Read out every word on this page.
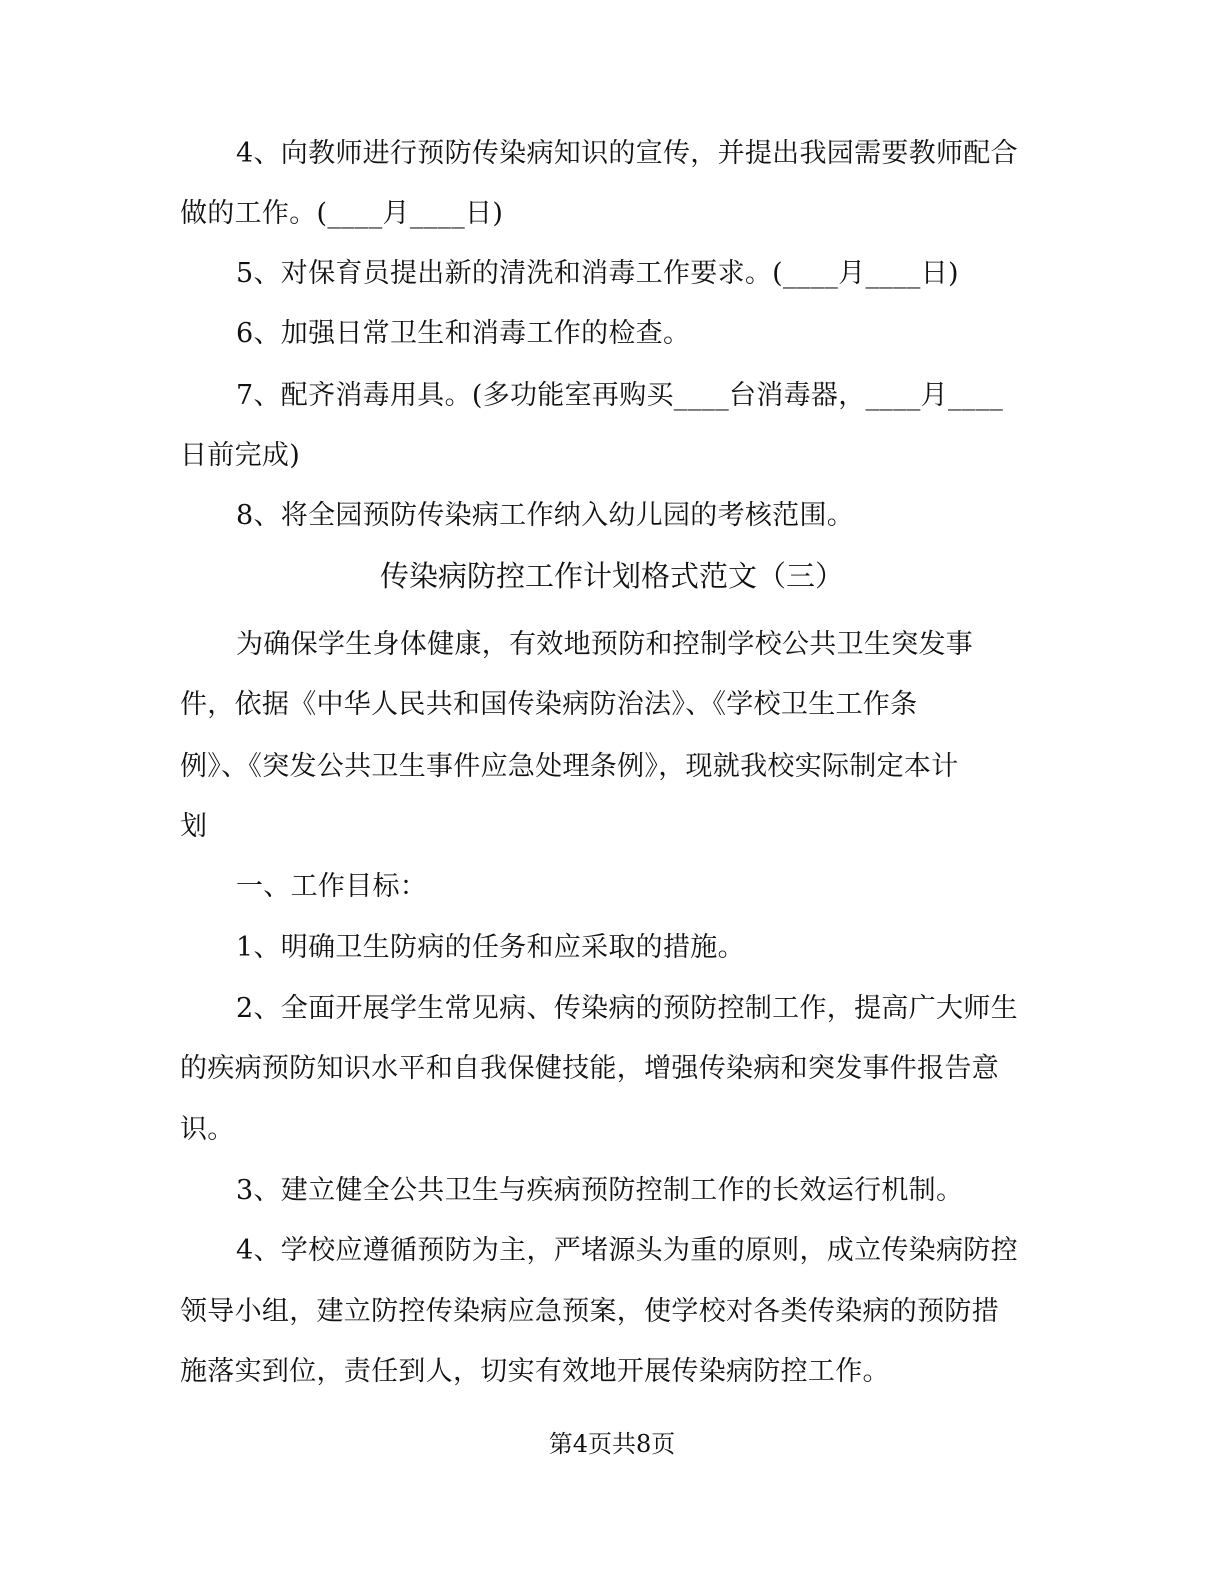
4、向教师进行预防传染病知识的宣传，并提出我园需要教师配合
做的工作。(____月____日)
5、对保育员提出新的清洗和消毒工作要求。(____月____日)
6、加强日常卫生和消毒工作的检查。
7、配齐消毒用具。(多功能室再购买____台消毒器，____月____
日前完成)
8、将全园预防传染病工作纳入幼儿园的考核范围。
传染病防控工作计划格式范文（三）
为确保学生身体健康，有效地预防和控制学校公共卫生突发事
件，依据《中华人民共和国传染病防治法》、《学校卫生工作条
例》、《突发公共卫生事件应急处理条例》，现就我校实际制定本计
划
一、工作目标：
1、明确卫生防病的任务和应采取的措施。
2、全面开展学生常见病、传染病的预防控制工作，提高广大师生
的疾病预防知识水平和自我保健技能，增强传染病和突发事件报告意
识。
3、建立健全公共卫生与疾病预防控制工作的长效运行机制。
4、学校应遵循预防为主，严堵源头为重的原则，成立传染病防控
领导小组，建立防控传染病应急预案，使学校对各类传染病的预防措
施落实到位，责任到人，切实有效地开展传染病防控工作。
第4页共8页
